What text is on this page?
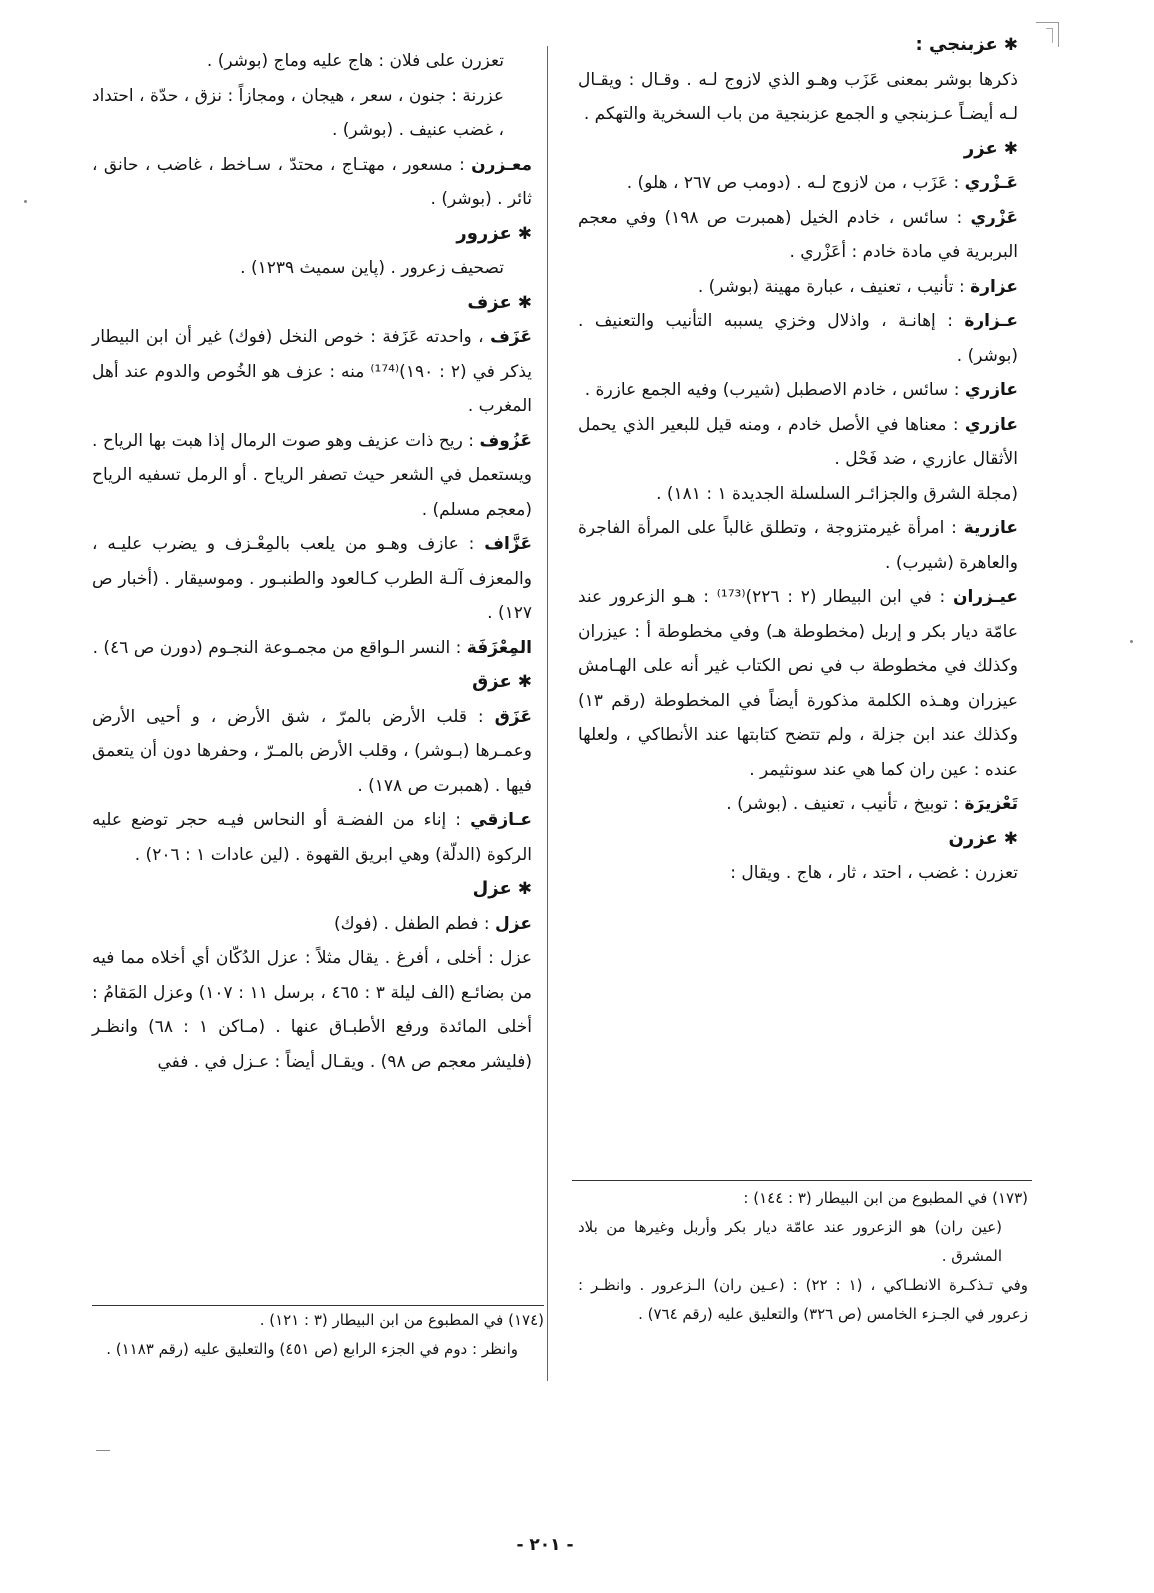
✱عزبنجي :
ذكرها بوشر بمعنى عَزَب وهـو الذي لازوج لـه . وقـال : ويقـال لـه أيضـاً عـزبنجي و الجمع عزبنجية من باب السخرية والتهكم .
✱عزر
عَـزْري : عَزَب ، من لازوج لـه . (دومب ص ٢٦٧ ، هلو) .
عَزْري : سائس ، خادم الخيل (همبرت ص ١٩٨) وفي معجم البربرية في مادة خادم : أعَزْري .
عزارة : تأنيب ، تعنيف ، عبارة مهينة (بوشر) .
عـزارة : إهانـة ، واذلال وخزي يسببه التأنيب والتعنيف . (بوشر) .
عازري : سائس ، خادم الاصطبل (شيرب) وفيه الجمع عازرة .
عازري : معناها في الأصل خادم ، ومنه قيل للبعير الذي يحمل الأثقال عازري ، ضد فَحْل .
(مجلة الشرق والجزائـر السلسلة الجديدة ١ : ١٨١) .
عازرية : امرأة غيرمتزوجة ، وتطلق غالباً على المرأة الفاجرة والعاهرة (شيرب) .
عيـزران : في ابن البيطار (٢ : ٢٢٦)⁽¹⁷³⁾ : هـو الزعرور عند عامّة ديار بكر و إربل (مخطوطة هـ) وفي مخطوطة أ : عيزران وكذلك في مخطوطة ب في نص الكتاب غير أنه على الهـامش عيزران وهـذه الكلمة مذكورة أيضاً في المخطوطة (رقم ١٣) وكذلك عند ابن جزلة ، ولم تتضح كتابتها عند الأنطاكي ، ولعلها عنده : عين ران كما هي عند سونثيمر .
تَعْزيرَة : توبيخ ، تأنيب ، تعنيف . (بوشر) .
✱عزرن
تعزرن : غضب ، احتد ، ثار ، هاج . ويقال :
تعزرن على فلان : هاج عليه وماج (بوشر) .
عزرنة : جنون ، سعر ، هيجان ، ومجازاً : نزق ، حدّة ، احتداد ، غضب عنيف . (بوشر) .
معـزرن : مسعور ، مهتـاج ، محتدّ ، سـاخط ، غاضب ، حانق ، ثائر . (بوشر) .
✱عزرور
تصحيف زعرور . (پاين سميث ١٢٣٩) .
✱عزف
عَزَف ، واحدته عَزَفة : خوص النخل (فوك) غير أن ابن البيطار يذكر في (٢ : ١٩٠)⁽¹⁷⁴⁾ منه : عزف هو الخُوص والدوم عند أهل المغرب .
عَزُوف : ريح ذات عزيف وهو صوت الرمال إذا هبت بها الرياح . ويستعمل في الشعر حيث تصفر الرياح . أو الرمل تسفيه الرياح (معجم مسلم) .
عَزَّاف : عازف وهـو من يلعب بالمِعْـزف و يضرب عليـه ، والمعزف آلـة الطرب كـالعود والطنبـور . وموسيقار . (أخبار ص ١٢٧) .
المِعْزَفَة : النسر الـواقع من مجمـوعة النجـوم (دورن ص ٤٦) .
✱عزق
عَزَق : قلب الأرض بالمرّ ، شق الأرض ، و أحيى الأرض وعمـرها (بـوشر) ، وقلب الأرض بالمـرّ ، وحفرها دون أن يتعمق فيها . (همبرت ص ١٧٨) .
عـازقي : إناء من الفضـة أو النحاس فيـه حجر توضع عليه الركوة (الدلّة) وهي ابريق القهوة . (لين عادات ١ : ٢٠٦) .
✱عزل
عزل : فطم الطفل . (فوك)
عزل : أخلى ، أفرغ . يقال مثلاً : عزل الدُكّان أي أخلاه مما فيه من بضائـع (الف ليلة ٣ : ٤٦٥ ، برسل ١١ : ١٠٧) وعزل المَقامُ : أخلى المائدة ورفع الأطبـاق عنها . (مـاكن ١ : ٦٨) وانظـر (فليشر معجم ص ٩٨) . ويقـال أيضاً : عـزل في . ففي

(١٧٣) في المطبوع من ابن البيطار (٣ : ١٤٤) :

(عين ران) هو الزعرور عند عامّة ديار بكر وأربل وغيرها من بلاد المشرق .

وفي تـذكـرة الانطـاكي ، (١ : ٢٢) : (عـين ران) الـزعرور . وانظـر : زعرور في الجـزء الخامس (ص ٣٢٦) والتعليق عليه (رقم ٧٦٤) .

(١٧٤) في المطبوع من ابن البيطار (٣ : ١٢١) .

وانظر : دوم في الجزء الرابع (ص ٤٥١) والتعليق عليه (رقم ١١٨٣) .

- ٢٠١ -
